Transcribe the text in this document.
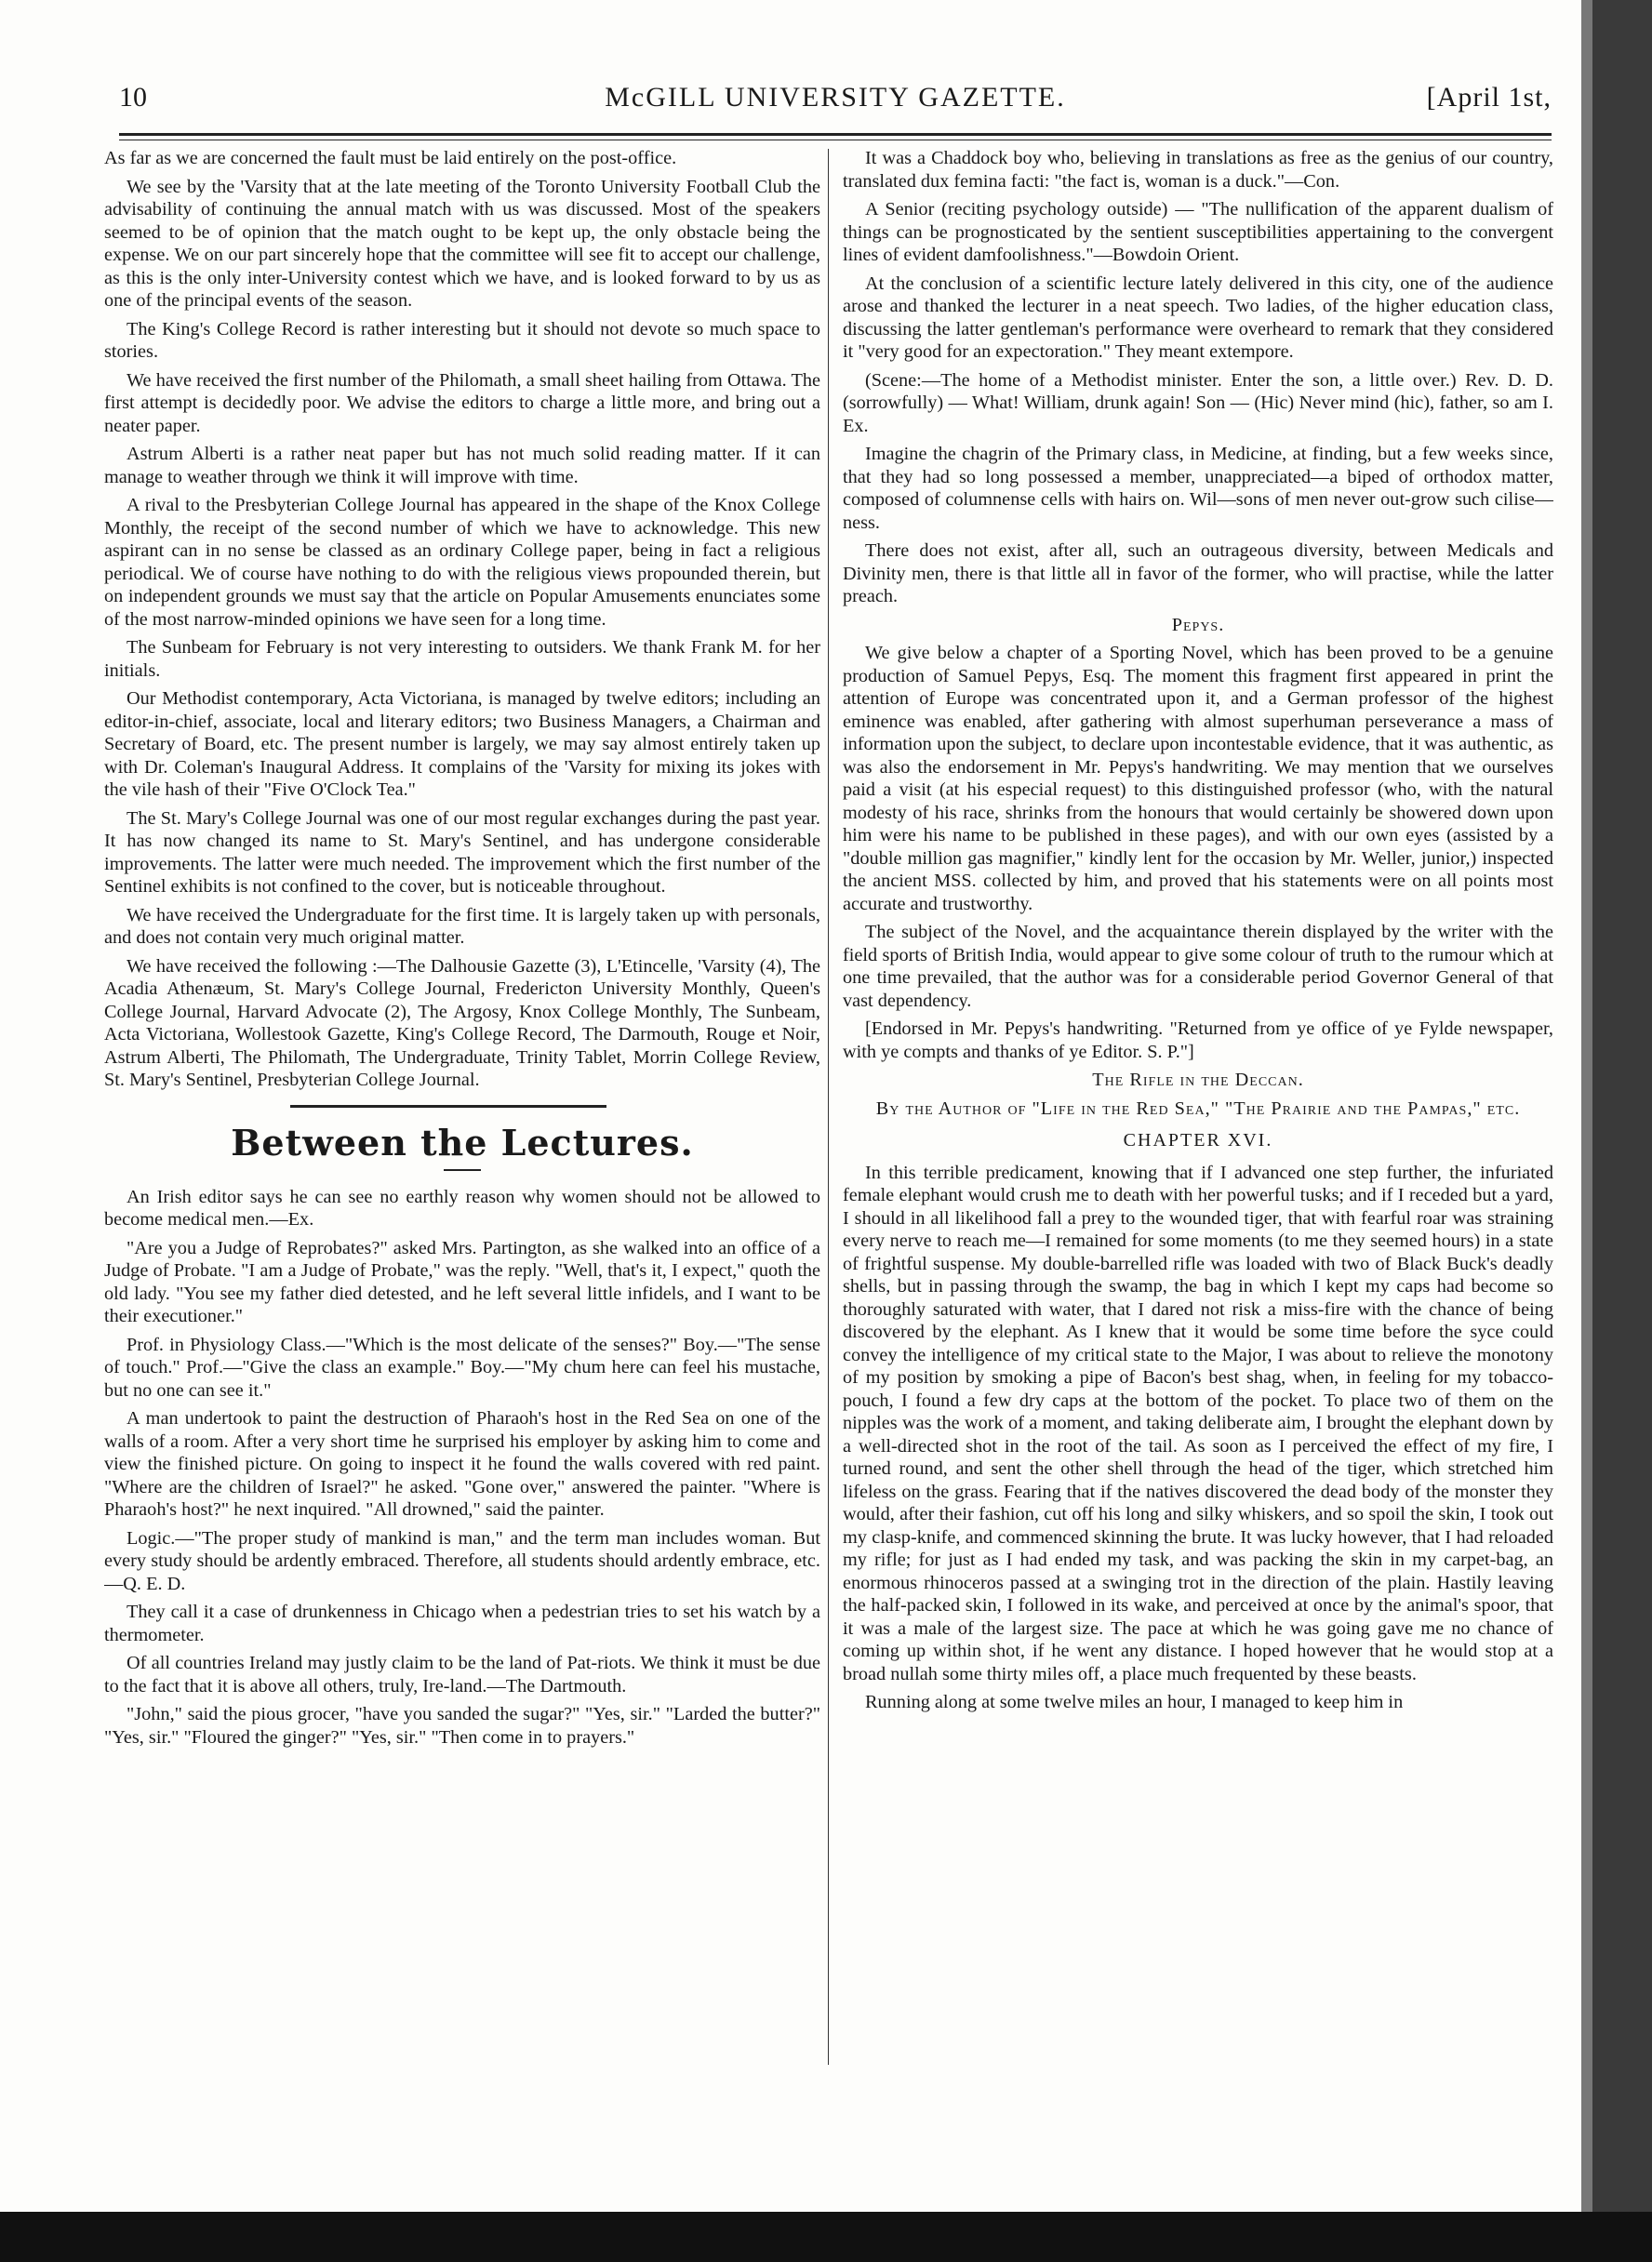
10	McGILL UNIVERSITY GAZETTE.	[April 1st,

As far as we are concerned the fault must be laid entirely on the post-office.

We see by the 'Varsity that at the late meeting of the Toronto University Football Club the advisability of continuing the annual match with us was discussed. Most of the speakers seemed to be of opinion that the match ought to be kept up, the only obstacle being the expense. We on our part sincerely hope that the committee will see fit to accept our challenge, as this is the only inter-University contest which we have, and is looked forward to by us as one of the principal events of the season.

The King's College Record is rather interesting but it should not devote so much space to stories.

We have received the first number of the Philomath, a small sheet hailing from Ottawa. The first attempt is decidedly poor. We advise the editors to charge a little more, and bring out a neater paper.

Astrum Alberti is a rather neat paper but has not much solid reading matter. If it can manage to weather through we think it will improve with time.

A rival to the Presbyterian College Journal has appeared in the shape of the Knox College Monthly, the receipt of the second number of which we have to acknowledge. This new aspirant can in no sense be classed as an ordinary College paper, being in fact a religious periodical. We of course have nothing to do with the religious views propounded therein, but on independent grounds we must say that the article on Popular Amusements enunciates some of the most narrow-minded opinions we have seen for a long time.

The Sunbeam for February is not very interesting to outsiders. We thank Frank M. for her initials.

Our Methodist contemporary, Acta Victoriana, is managed by twelve editors; including an editor-in-chief, associate, local and literary editors; two Business Managers, a Chairman and Secretary of Board, etc. The present number is largely, we may say almost entirely taken up with Dr. Coleman's Inaugural Address. It complains of the 'Varsity for mixing its jokes with the vile hash of their "Five O'Clock Tea."

The St. Mary's College Journal was one of our most regular exchanges during the past year. It has now changed its name to St. Mary's Sentinel, and has undergone considerable improvements. The latter were much needed. The improvement which the first number of the Sentinel exhibits is not confined to the cover, but is noticeable throughout.

We have received the Undergraduate for the first time. It is largely taken up with personals, and does not contain very much original matter.

We have received the following :—The Dalhousie Gazette (3), L'Etincelle, 'Varsity (4), The Acadia Athenæum, St. Mary's College Journal, Fredericton University Monthly, Queen's College Journal, Harvard Advocate (2), The Argosy, Knox College Monthly, The Sunbeam, Acta Victoriana, Wollestook Gazette, King's College Record, The Darmouth, Rouge et Noir, Astrum Alberti, The Philomath, The Undergraduate, Trinity Tablet, Morrin College Review, St. Mary's Sentinel, Presbyterian College Journal.

Between the Lectures.

An Irish editor says he can see no earthly reason why women should not be allowed to become medical men.—Ex.

"Are you a Judge of Reprobates?" asked Mrs. Partington, as she walked into an office of a Judge of Probate. "I am a Judge of Probate," was the reply. "Well, that's it, I expect," quoth the old lady. "You see my father died detested, and he left several little infidels, and I want to be their executioner."

Prof. in Physiology Class.—"Which is the most delicate of the senses?" Boy.—"The sense of touch." Prof.—"Give the class an example." Boy.—"My chum here can feel his mustache, but no one can see it."

A man undertook to paint the destruction of Pharaoh's host in the Red Sea on one of the walls of a room. After a very short time he surprised his employer by asking him to come and view the finished picture. On going to inspect it he found the walls covered with red paint. "Where are the children of Israel?" he asked. "Gone over," answered the painter. "Where is Pharaoh's host?" he next inquired. "All drowned," said the painter.

Logic.—"The proper study of mankind is man," and the term man includes woman. But every study should be ardently embraced. Therefore, all students should ardently embrace, etc.—Q. E. D.

They call it a case of drunkenness in Chicago when a pedestrian tries to set his watch by a thermometer.

Of all countries Ireland may justly claim to be the land of Pat-riots. We think it must be due to the fact that it is above all others, truly, Ire-land.—The Dartmouth.

"John," said the pious grocer, "have you sanded the sugar?" "Yes, sir." "Larded the butter?" "Yes, sir." "Floured the ginger?" "Yes, sir." "Then come in to prayers."

It was a Chaddock boy who, believing in translations as free as the genius of our country, translated dux femina facti: "the fact is, woman is a duck."—Con.

A Senior (reciting psychology outside) — "The nullification of the apparent dualism of things can be prognosticated by the sentient susceptibilities appertaining to the convergent lines of evident damfoolishness."—Bowdoin Orient.

At the conclusion of a scientific lecture lately delivered in this city, one of the audience arose and thanked the lecturer in a neat speech. Two ladies, of the higher education class, discussing the latter gentleman's performance were overheard to remark that they considered it "very good for an expectoration." They meant extempore.

(Scene:—The home of a Methodist minister. Enter the son, a little over.) Rev. D. D. (sorrowfully) — What! William, drunk again! Son — (Hic) Never mind (hic), father, so am I. Ex.

Imagine the chagrin of the Primary class, in Medicine, at finding, but a few weeks since, that they had so long possessed a member, unappreciated—a biped of orthodox matter, composed of columnense cells with hairs on. Wil—sons of men never out-grow such cilise—ness.

There does not exist, after all, such an outrageous diversity, between Medicals and Divinity men, there is that little all in favor of the former, who will practise, while the latter preach.

Pepys.

We give below a chapter of a Sporting Novel, which has been proved to be a genuine production of Samuel Pepys, Esq. The moment this fragment first appeared in print the attention of Europe was concentrated upon it, and a German professor of the highest eminence was enabled, after gathering with almost superhuman perseverance a mass of information upon the subject, to declare upon incontestable evidence, that it was authentic, as was also the endorsement in Mr. Pepys's handwriting. We may mention that we ourselves paid a visit (at his especial request) to this distinguished professor (who, with the natural modesty of his race, shrinks from the honours that would certainly be showered down upon him were his name to be published in these pages), and with our own eyes (assisted by a "double million gas magnifier," kindly lent for the occasion by Mr. Weller, junior,) inspected the ancient MSS. collected by him, and proved that his statements were on all points most accurate and trustworthy.

The subject of the Novel, and the acquaintance therein displayed by the writer with the field sports of British India, would appear to give some colour of truth to the rumour which at one time prevailed, that the author was for a considerable period Governor General of that vast dependency.

[Endorsed in Mr. Pepys's handwriting. "Returned from ye office of ye Fylde newspaper, with ye compts and thanks of ye Editor. S. P."]

The Rifle in the Deccan.

By the Author of "Life in the Red Sea," "The Prairie and the Pampas," etc.

CHAPTER XVI.

In this terrible predicament, knowing that if I advanced one step further, the infuriated female elephant would crush me to death with her powerful tusks; and if I receded but a yard, I should in all likelihood fall a prey to the wounded tiger, that with fearful roar was straining every nerve to reach me—I remained for some moments (to me they seemed hours) in a state of frightful suspense. My double-barrelled rifle was loaded with two of Black Buck's deadly shells, but in passing through the swamp, the bag in which I kept my caps had become so thoroughly saturated with water, that I dared not risk a miss-fire with the chance of being discovered by the elephant. As I knew that it would be some time before the syce could convey the intelligence of my critical state to the Major, I was about to relieve the monotony of my position by smoking a pipe of Bacon's best shag, when, in feeling for my tobacco-pouch, I found a few dry caps at the bottom of the pocket. To place two of them on the nipples was the work of a moment, and taking deliberate aim, I brought the elephant down by a well-directed shot in the root of the tail. As soon as I perceived the effect of my fire, I turned round, and sent the other shell through the head of the tiger, which stretched him lifeless on the grass. Fearing that if the natives discovered the dead body of the monster they would, after their fashion, cut off his long and silky whiskers, and so spoil the skin, I took out my clasp-knife, and commenced skinning the brute. It was lucky however, that I had reloaded my rifle; for just as I had ended my task, and was packing the skin in my carpet-bag, an enormous rhinoceros passed at a swinging trot in the direction of the plain. Hastily leaving the half-packed skin, I followed in its wake, and perceived at once by the animal's spoor, that it was a male of the largest size. The pace at which he was going gave me no chance of coming up within shot, if he went any distance. I hoped however that he would stop at a broad nullah some thirty miles off, a place much frequented by these beasts.

Running along at some twelve miles an hour, I managed to keep him in
